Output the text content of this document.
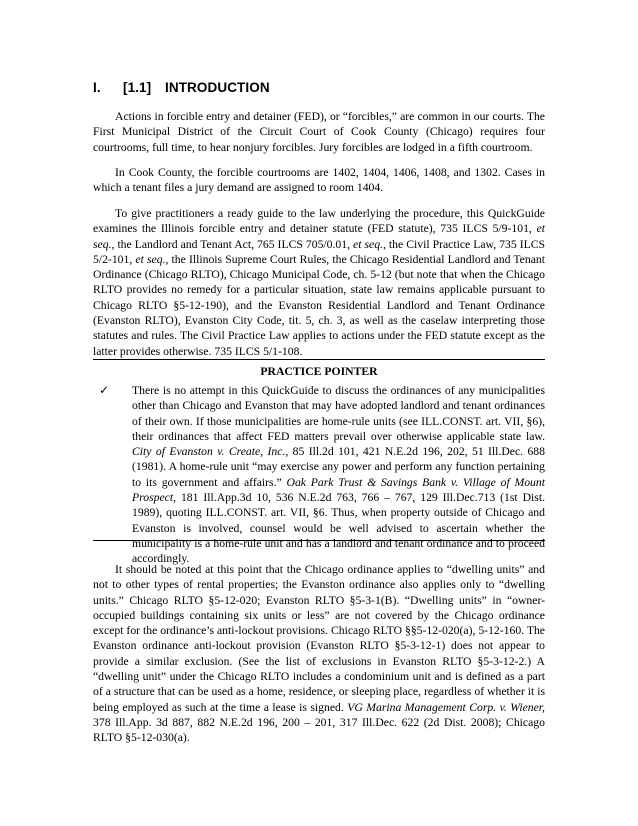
I. [1.1] INTRODUCTION

Actions in forcible entry and detainer (FED), or “forcibles,” are common in our courts. The First Municipal District of the Circuit Court of Cook County (Chicago) requires four courtrooms, full time, to hear nonjury forcibles. Jury forcibles are lodged in a fifth courtroom.

In Cook County, the forcible courtrooms are 1402, 1404, 1406, 1408, and 1302. Cases in which a tenant files a jury demand are assigned to room 1404.

To give practitioners a ready guide to the law underlying the procedure, this QuickGuide examines the Illinois forcible entry and detainer statute (FED statute), 735 ILCS 5/9-101, et seq., the Landlord and Tenant Act, 765 ILCS 705/0.01, et seq., the Civil Practice Law, 735 ILCS 5/2-101, et seq., the Illinois Supreme Court Rules, the Chicago Residential Landlord and Tenant Ordinance (Chicago RLTO), Chicago Municipal Code, ch. 5-12 (but note that when the Chicago RLTO provides no remedy for a particular situation, state law remains applicable pursuant to Chicago RLTO §5-12-190), and the Evanston Residential Landlord and Tenant Ordinance (Evanston RLTO), Evanston City Code, tit. 5, ch. 3, as well as the caselaw interpreting those statutes and rules. The Civil Practice Law applies to actions under the FED statute except as the latter provides otherwise. 735 ILCS 5/1-108.

PRACTICE POINTER
✓ There is no attempt in this QuickGuide to discuss the ordinances of any municipalities other than Chicago and Evanston that may have adopted landlord and tenant ordinances of their own. If those municipalities are home-rule units (see ILL.CONST. art. VII, §6), their ordinances that affect FED matters prevail over otherwise applicable state law. City of Evanston v. Create, Inc., 85 Ill.2d 101, 421 N.E.2d 196, 202, 51 Ill.Dec. 688 (1981). A home-rule unit “may exercise any power and perform any function pertaining to its government and affairs.” Oak Park Trust & Savings Bank v. Village of Mount Prospect, 181 Ill.App.3d 10, 536 N.E.2d 763, 766 – 767, 129 Ill.Dec.713 (1st Dist. 1989), quoting ILL.CONST. art. VII, §6. Thus, when property outside of Chicago and Evanston is involved, counsel would be well advised to ascertain whether the municipality is a home-rule unit and has a landlord and tenant ordinance and to proceed accordingly.

It should be noted at this point that the Chicago ordinance applies to “dwelling units” and not to other types of rental properties; the Evanston ordinance also applies only to “dwelling units.” Chicago RLTO §5-12-020; Evanston RLTO §5-3-1(B). “Dwelling units” in “owner-occupied buildings containing six units or less” are not covered by the Chicago ordinance except for the ordinance’s anti-lockout provisions. Chicago RLTO §§5-12-020(a), 5-12-160. The Evanston ordinance anti-lockout provision (Evanston RLTO §5-3-12-1) does not appear to provide a similar exclusion. (See the list of exclusions in Evanston RLTO §5-3-12-2.) A “dwelling unit” under the Chicago RLTO includes a condominium unit and is defined as a part of a structure that can be used as a home, residence, or sleeping place, regardless of whether it is being employed as such at the time a lease is signed. VG Marina Management Corp. v. Wiener, 378 Ill.App. 3d 887, 882 N.E.2d 196, 200 – 201, 317 Ill.Dec. 622 (2d Dist. 2008); Chicago RLTO §5-12-030(a).
